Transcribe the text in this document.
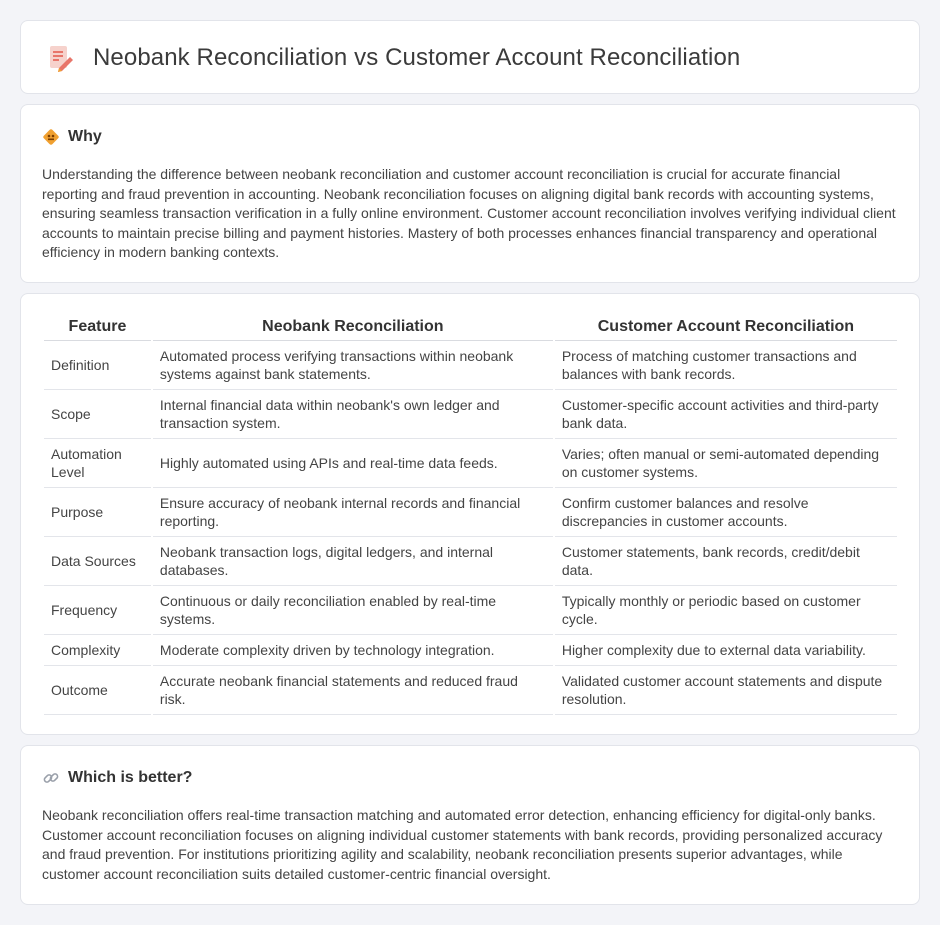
Neobank Reconciliation vs Customer Account Reconciliation
Why

Understanding the difference between neobank reconciliation and customer account reconciliation is crucial for accurate financial reporting and fraud prevention in accounting. Neobank reconciliation focuses on aligning digital bank records with accounting systems, ensuring seamless transaction verification in a fully online environment. Customer account reconciliation involves verifying individual client accounts to maintain precise billing and payment histories. Mastery of both processes enhances financial transparency and operational efficiency in modern banking contexts.

Feature	Neobank Reconciliation	Customer Account Reconciliation
Definition	Automated process verifying transactions within neobank systems against bank statements.	Process of matching customer transactions and balances with bank records.
Scope	Internal financial data within neobank's own ledger and transaction system.	Customer-specific account activities and third-party bank data.
Automation Level	Highly automated using APIs and real-time data feeds.	Varies; often manual or semi-automated depending on customer systems.
Purpose	Ensure accuracy of neobank internal records and financial reporting.	Confirm customer balances and resolve discrepancies in customer accounts.
Data Sources	Neobank transaction logs, digital ledgers, and internal databases.	Customer statements, bank records, credit/debit data.
Frequency	Continuous or daily reconciliation enabled by real-time systems.	Typically monthly or periodic based on customer cycle.
Complexity	Moderate complexity driven by technology integration.	Higher complexity due to external data variability.
Outcome	Accurate neobank financial statements and reduced fraud risk.	Validated customer account statements and dispute resolution.
Which is better?

Neobank reconciliation offers real-time transaction matching and automated error detection, enhancing efficiency for digital-only banks. Customer account reconciliation focuses on aligning individual customer statements with bank records, providing personalized accuracy and fraud prevention. For institutions prioritizing agility and scalability, neobank reconciliation presents superior advantages, while customer account reconciliation suits detailed customer-centric financial oversight.
